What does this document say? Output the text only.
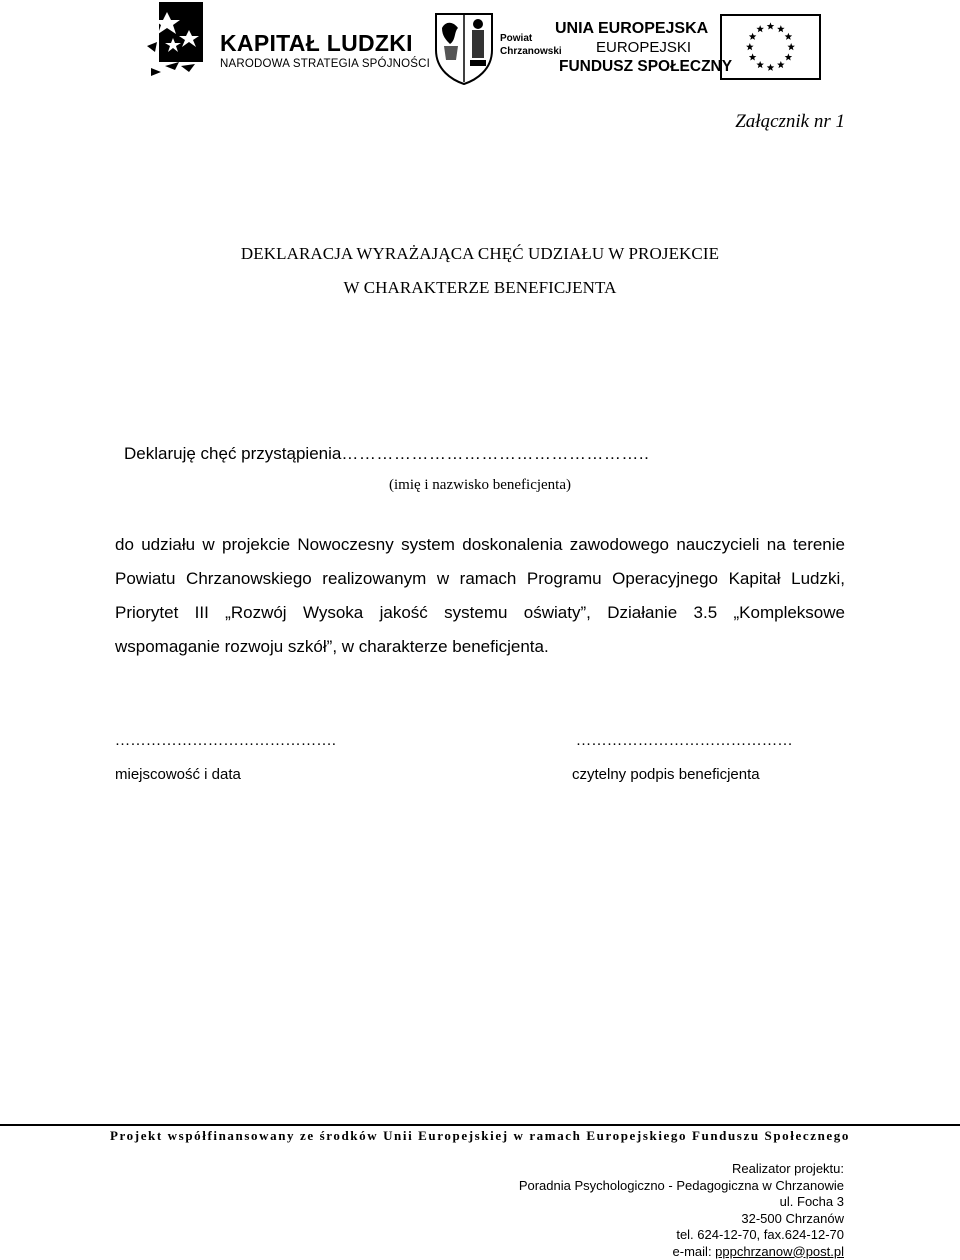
KAPITAŁ LUDZKI
NARODOWA STRATEGIA SPÓJNOŚCI
Powiat
Chrzanowski
UNIA EUROPEJSKA
EUROPEJSKI
FUNDUSZ SPOŁECZNY
Załącznik nr 1
DEKLARACJA WYRAŻAJĄCA CHĘĆ UDZIAŁU W PROJEKCIE
W CHARAKTERZE BENEFICJENTA
Deklaruję chęć przystąpienia……………………………………………..
(imię i nazwisko beneficjenta)
do udziału w projekcie Nowoczesny system doskonalenia zawodowego nauczycieli na terenie Powiatu Chrzanowskiego realizowanym w ramach Programu Operacyjnego Kapitał Ludzki, Priorytet III „Rozwój Wysoka jakość systemu oświaty”, Działanie 3.5 „Kompleksowe wspomaganie rozwoju szkół”, w charakterze beneficjenta.
…………………………………….	……………………………………
miejscowość i data	czytelny podpis beneficjenta
Projekt współfinansowany ze środków Unii Europejskiej w ramach Europejskiego Funduszu Społecznego
Realizator projektu:
Poradnia Psychologiczno - Pedagogiczna w Chrzanowie
ul. Focha 3
32-500 Chrzanów
tel. 624-12-70, fax.624-12-70
e-mail: pppchrzanow@post.pl
